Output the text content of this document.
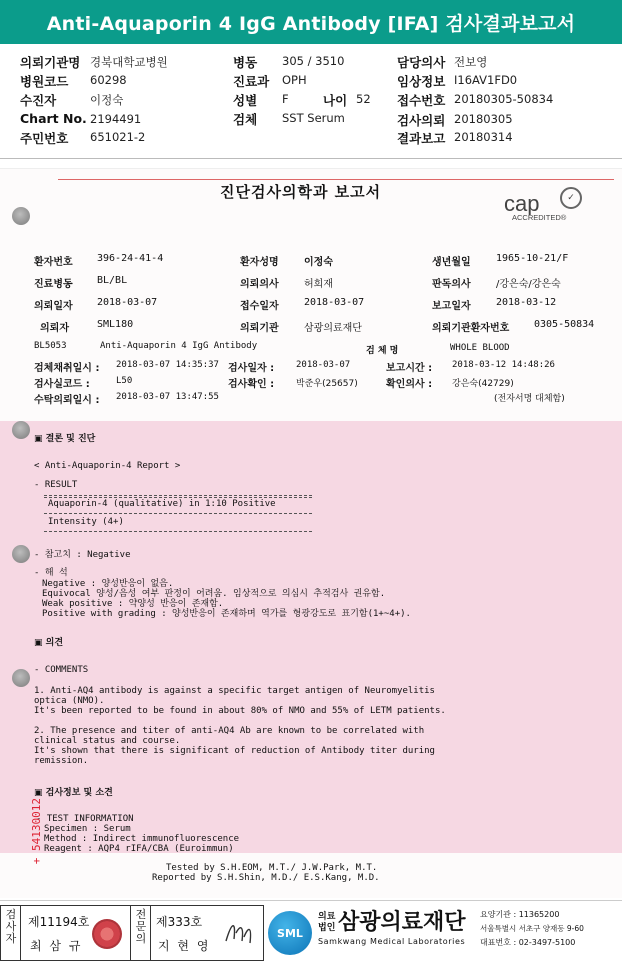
Anti-Aquaporin 4 IgG Antibody [IFA] 검사결과보고서
의뢰기관명 경북대학교병원
병원코드 60298
수진자	이정숙
Chart No. 2194491
주민번호 651021-2
병동 305 / 3510
진료과 OPH
성별 F	나이 52
검체 SST Serum
담당의사 전보영
임상정보 I16AV1FD0
접수번호 20180305-50834
검사의뢰 20180305
결과보고 20180314
진단검사의학과 보고서	cap	✓
ACCREDITED®
환자번호 396-24-41-4	환자성명	이정숙	생년월일	1965-10-21/F
진료병동 BL/BL	의뢰의사	허희재	판독의사	/강은숙/강은숙
의뢰일자 2018-03-07	접수일자	2018-03-07	보고일자	2018-03-12
의뢰자	SML180	의뢰기관	삼광의료재단	의뢰기관환자번호 0305-50834
BL5053	Anti-Aquaporin 4 IgG Antibody	검 체 명	WHOLE BLOOD
검체채취일시 : 2018-03-07 14:35:37 검사일자 : 2018-03-07	보고시간 : 2018-03-12 14:48:26
검사실코드 :	L50	검사확인 : 박준우(25657)	확인의사 : 강은숙(42729)
수탁의뢰일시 : 2018-03-07 13:47:55	(전자서명 대체함)
▣ 결론 및 진단
< Anti-Aquaporin-4 Report >
- RESULT
Aquaporin-4 (qualitative) in 1:10 Positive
Intensity (4+)
- 참고치 : Negative
- 해 석
Negative : 양성반응이 없음.
Equivocal 양성/음성 여부 판정이 어려움. 임상적으로 의심시 추적검사 권유함.
Weak positive : 약양성 반응이 존재함.
Positive with grading : 양성반응이 존재하며 역가를 형광강도로 표기함(1+~4+).
▣ 의견
- COMMENTS
1. Anti-AQ4 antibody is against a specific target antigen of Neuromyelitis
optica (NMO).
It's been reported to be found in about 80% of NMO and 55% of LETM patients.
2. The presence and titer of anti-AQ4 Ab are known to be correlated with
clinical status and course.
It's shown that there is significant of reduction of Antibody titer during
remission.
▣ 검사정보 및 소견
- TEST INFORMATION
Specimen : Serum
Method : Indirect immunofluorescence
Reagent : AQP4 rIFA/CBA (Euroimmun)
Tested by S.H.EOM, M.T./ J.W.Park, M.T.
Reported by S.H.Shin, M.D./ E.S.Kang, M.D.
+ 54130012
검사자
제11194호
최 삼 규
전문의
제333호
지 현 영
SML
의료
법인 삼광의료재단
Samkwang Medical Laboratories
요양기관 : 11365200
서울특별시 서초구 양재동 9-60
대표번호 : 02-3497-5100
